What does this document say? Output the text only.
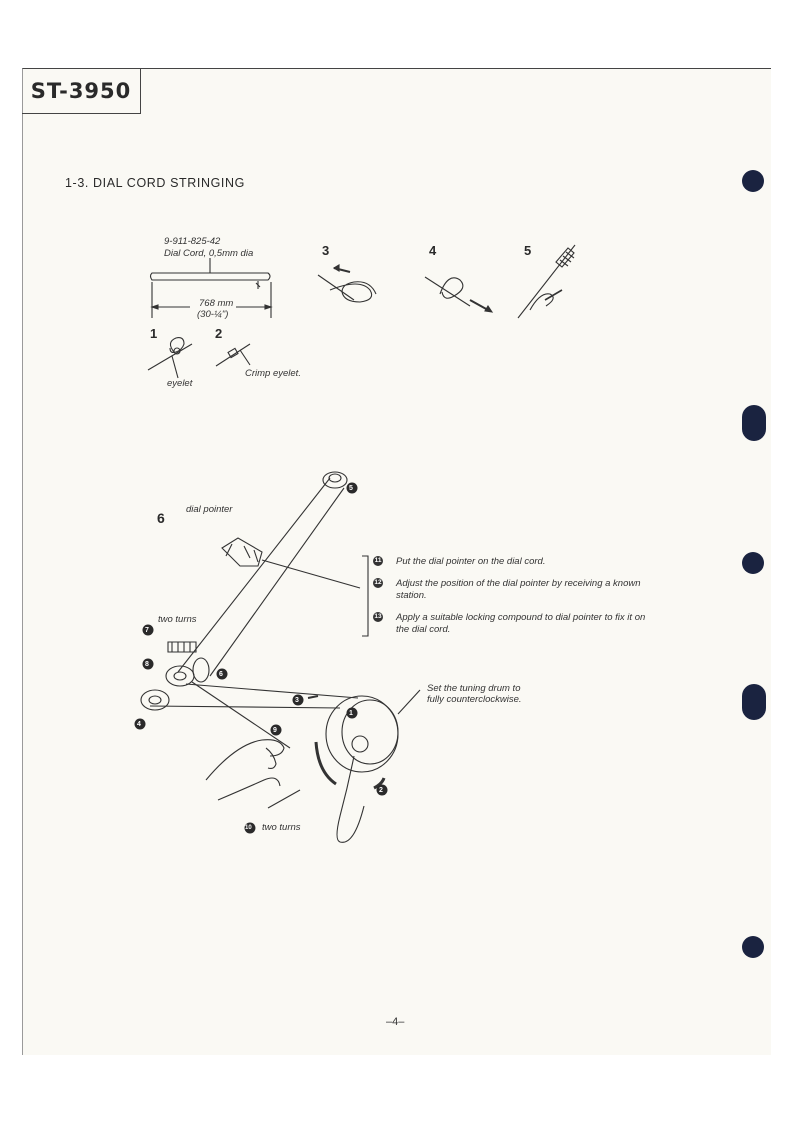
ST-3950
1-3. DIAL CORD STRINGING
5
6
7
8
4
3
9
1
2
10
9-911-825-42
Dial Cord, 0,5mm dia
768 mm
(30-¼")
1	2
3	4	5
6
eyelet
Crimp eyelet.
dial pointer
two turns
two turns
Set the tuning drum to
fully counterclockwise.
11 Put the dial pointer on the dial cord.
12 Adjust the position of the dial pointer by receiving a known station.
13 Apply a suitable locking compound to dial pointer to fix it on the dial cord.
–4–
